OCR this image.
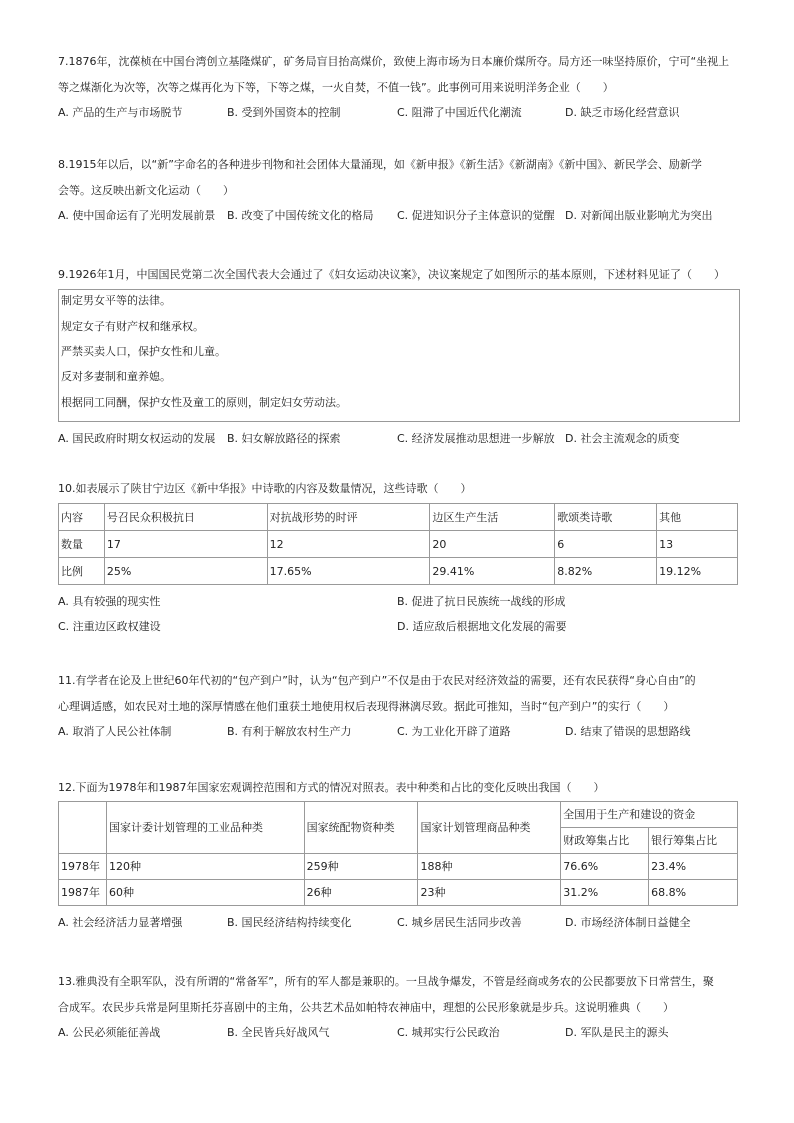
7.1876年，沈葆桢在中国台湾创立基隆煤矿，矿务局盲目抬高煤价，致使上海市场为日本廉价煤所夺。局方还一味坚持原价，宁可“坐视上

等之煤渐化为次等，次等之煤再化为下等，下等之煤，一火自焚，不值一钱”。此事例可用来说明洋务企业（　　）

A. 产品的生产与市场脱节	B. 受到外国资本的控制	C. 阻滞了中国近代化潮流	D. 缺乏市场化经营意识

8.1915年以后，以“新”字命名的各种进步刊物和社会团体大量涌现，如《新申报》《新生活》《新湖南》《新中国》、新民学会、励新学

会等。这反映出新文化运动（　　）

A. 使中国命运有了光明发展前景 B. 改变了中国传统文化的格局 C. 促进知识分子主体意识的觉醒 D. 对新闻出版业影响尤为突出

9.1926年1月，中国国民党第二次全国代表大会通过了《妇女运动决议案》，决议案规定了如图所示的基本原则，下述材料见证了（　　）

制定男女平等的法律。
规定女子有财产权和继承权。
严禁买卖人口，保护女性和儿童。
反对多妻制和童养媳。
根据同工同酬，保护女性及童工的原则，制定妇女劳动法。
A. 国民政府时期女权运动的发展 B. 妇女解放路径的探索	C. 经济发展推动思想进一步解放 D. 社会主流观念的质变

10.如表展示了陕甘宁边区《新中华报》中诗歌的内容及数量情况，这些诗歌（　　）

内容	号召民众积极抗日	对抗战形势的时评	边区生产生活	歌颂类诗歌	其他
数量	17	12	20	6	13
比例	25%	17.65%	29.41%	8.82%	19.12%
A. 具有较强的现实性	B. 促进了抗日民族统一战线的形成
C. 注重边区政权建设	D. 适应敌后根据地文化发展的需要

11.有学者在论及上世纪60年代初的“包产到户”时，认为“包产到户”不仅是由于农民对经济效益的需要，还有农民获得“身心自由”的

心理调适感，如农民对土地的深厚情感在他们重获土地使用权后表现得淋漓尽致。据此可推知，当时“包产到户”的实行（　　）

A. 取消了人民公社体制	B. 有利于解放农村生产力	C. 为工业化开辟了道路	D. 结束了错误的思想路线

12.下面为1978年和1987年国家宏观调控范围和方式的情况对照表。表中种类和占比的变化反映出我国（　　）

	国家计委计划管理的工业品种类	国家统配物资种类	国家计划管理商品种类	全国用于生产和建设的资金	
				财政筹集占比	银行筹集占比
1978年	120种	259种	188种	76.6%	23.4%
1987年	60种	26种	23种	31.2%	68.8%
A. 社会经济活力显著增强	B. 国民经济结构持续变化	C. 城乡居民生活同步改善	D. 市场经济体制日益健全

13.雅典没有全职军队，没有所谓的“常备军”，所有的军人都是兼职的。一旦战争爆发，不管是经商或务农的公民都要放下日常营生，聚

合成军。农民步兵常是阿里斯托芬喜剧中的主角，公共艺术品如帕特农神庙中，理想的公民形象就是步兵。这说明雅典（　　）

A. 公民必须能征善战	B. 全民皆兵好战风气	C. 城邦实行公民政治	D. 军队是民主的源头
